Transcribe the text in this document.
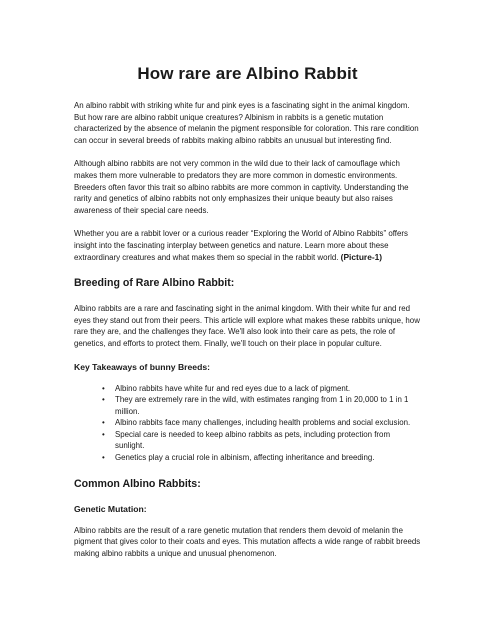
How rare are Albino Rabbit

An albino rabbit with striking white fur and pink eyes is a fascinating sight in the animal kingdom. But how rare are albino rabbit unique creatures? Albinism in rabbits is a genetic mutation characterized by the absence of melanin the pigment responsible for coloration. This rare condition can occur in several breeds of rabbits making albino rabbits an unusual but interesting find.

Although albino rabbits are not very common in the wild due to their lack of camouflage which makes them more vulnerable to predators they are more common in domestic environments. Breeders often favor this trait so albino rabbits are more common in captivity. Understanding the rarity and genetics of albino rabbits not only emphasizes their unique beauty but also raises awareness of their special care needs.

Whether you are a rabbit lover or a curious reader “Exploring the World of Albino Rabbits” offers insight into the fascinating interplay between genetics and nature. Learn more about these extraordinary creatures and what makes them so special in the rabbit world. (Picture-1)

Breeding of Rare Albino Rabbit:

Albino rabbits are a rare and fascinating sight in the animal kingdom. With their white fur and red eyes they stand out from their peers. This article will explore what makes these rabbits unique, how rare they are, and the challenges they face. We'll also look into their care as pets, the role of genetics, and efforts to protect them. Finally, we'll touch on their place in popular culture.

Key Takeaways of bunny Breeds:
• Albino rabbits have white fur and red eyes due to a lack of pigment.
• They are extremely rare in the wild, with estimates ranging from 1 in 20,000 to 1 in 1 million.
• Albino rabbits face many challenges, including health problems and social exclusion.
• Special care is needed to keep albino rabbits as pets, including protection from sunlight.
• Genetics play a crucial role in albinism, affecting inheritance and breeding.
Common Albino Rabbits:
Genetic Mutation:

Albino rabbits are the result of a rare genetic mutation that renders them devoid of melanin the pigment that gives color to their coats and eyes. This mutation affects a wide range of rabbit breeds making albino rabbits a unique and unusual phenomenon.
